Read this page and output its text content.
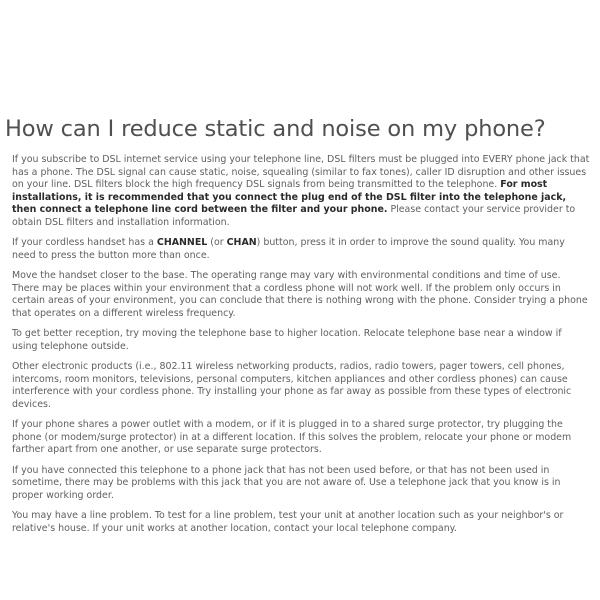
How can I reduce static and noise on my phone?

If you subscribe to DSL internet service using your telephone line, DSL filters must be plugged into EVERY phone jack that has a phone. The DSL signal can cause static, noise, squealing (similar to fax tones), caller ID disruption and other issues on your line. DSL filters block the high frequency DSL signals from being transmitted to the telephone. For most installations, it is recommended that you connect the plug end of the DSL filter into the telephone jack, then connect a telephone line cord between the filter and your phone. Please contact your service provider to obtain DSL filters and installation information.

If your cordless handset has a CHANNEL (or CHAN) button, press it in order to improve the sound quality. You many need to press the button more than once.

Move the handset closer to the base. The operating range may vary with environmental conditions and time of use. There may be places within your environment that a cordless phone will not work well. If the problem only occurs in certain areas of your environment, you can conclude that there is nothing wrong with the phone. Consider trying a phone that operates on a different wireless frequency.

To get better reception, try moving the telephone base to higher location. Relocate telephone base near a window if using telephone outside.

Other electronic products (i.e., 802.11 wireless networking products, radios, radio towers, pager towers, cell phones, intercoms, room monitors, televisions, personal computers, kitchen appliances and other cordless phones) can cause interference with your cordless phone. Try installing your phone as far away as possible from these types of electronic devices.

If your phone shares a power outlet with a modem, or if it is plugged in to a shared surge protector, try plugging the phone (or modem/surge protector) in at a different location. If this solves the problem, relocate your phone or modem farther apart from one another, or use separate surge protectors.

If you have connected this telephone to a phone jack that has not been used before, or that has not been used in sometime, there may be problems with this jack that you are not aware of. Use a telephone jack that you know is in proper working order.

You may have a line problem. To test for a line problem, test your unit at another location such as your neighbor's or relative's house. If your unit works at another location, contact your local telephone company.
